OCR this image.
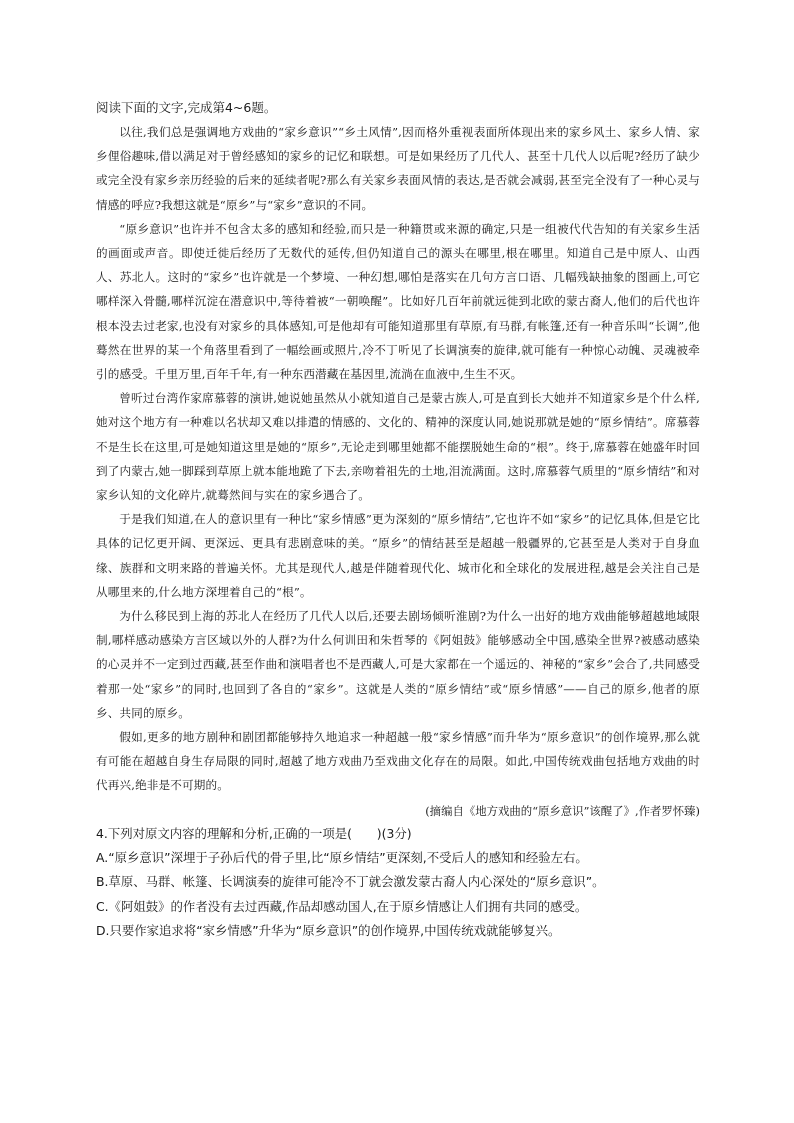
阅读下面的文字,完成第4~6题。

以往,我们总是强调地方戏曲的“家乡意识”“乡土风情”,因而格外重视表面所体现出来的家乡风土、家乡人情、家乡俚俗趣味,借以满足对于曾经感知的家乡的记忆和联想。可是如果经历了几代人、甚至十几代人以后呢?经历了缺少或完全没有家乡亲历经验的后来的延续者呢?那么有关家乡表面风情的表达,是否就会减弱,甚至完全没有了一种心灵与情感的呼应?我想这就是“原乡”与“家乡”意识的不同。

“原乡意识”也许并不包含太多的感知和经验,而只是一种籍贯或来源的确定,只是一组被代代告知的有关家乡生活的画面或声音。即使迁徙后经历了无数代的延传,但仍知道自己的源头在哪里,根在哪里。知道自己是中原人、山西人、苏北人。这时的“家乡”也许就是一个梦境、一种幻想,哪怕是落实在几句方言口语、几幅残缺抽象的图画上,可它哪样深入骨髓,哪样沉淀在潜意识中,等待着被“一朝唤醒”。比如好几百年前就远徙到北欧的蒙古裔人,他们的后代也许根本没去过老家,也没有对家乡的具体感知,可是他却有可能知道那里有草原,有马群,有帐篷,还有一种音乐叫“长调”,他蓦然在世界的某一个角落里看到了一幅绘画或照片,冷不丁听见了长调演奏的旋律,就可能有一种惊心动魄、灵魂被牵引的感受。千里万里,百年千年,有一种东西潜藏在基因里,流淌在血液中,生生不灭。

曾听过台湾作家席慕蓉的演讲,她说她虽然从小就知道自己是蒙古族人,可是直到长大她并不知道家乡是个什么样,她对这个地方有一种难以名状却又难以排遣的情感的、文化的、精神的深度认同,她说那就是她的“原乡情结”。席慕蓉不是生长在这里,可是她知道这里是她的“原乡”,无论走到哪里她都不能摆脱她生命的“根”。终于,席慕蓉在她盛年时回到了内蒙古,她一脚踩到草原上就本能地跪了下去,亲吻着祖先的土地,泪流满面。这时,席慕蓉气质里的“原乡情结”和对家乡认知的文化碎片,就蓦然间与实在的家乡遇合了。

于是我们知道,在人的意识里有一种比“家乡情感”更为深刻的“原乡情结”,它也许不如“家乡”的记忆具体,但是它比具体的记忆更开阔、更深远、更具有悲剧意味的美。“原乡”的情结甚至是超越一般疆界的,它甚至是人类对于自身血缘、族群和文明来路的普遍关怀。尤其是现代人,越是伴随着现代化、城市化和全球化的发展进程,越是会关注自己是从哪里来的,什么地方深埋着自己的“根”。

为什么移民到上海的苏北人在经历了几代人以后,还要去剧场倾听淮剧?为什么一出好的地方戏曲能够超越地域限制,哪样感动感染方言区域以外的人群?为什么何训田和朱哲琴的《阿姐鼓》能够感动全中国,感染全世界?被感动感染的心灵并不一定到过西藏,甚至作曲和演唱者也不是西藏人,可是大家都在一个遥远的、神秘的“家乡”会合了,共同感受着那一处“家乡”的同时,也回到了各自的“家乡”。这就是人类的“原乡情结”或“原乡情感”——自己的原乡,他者的原乡、共同的原乡。

假如,更多的地方剧种和剧团都能够持久地追求一种超越一般“家乡情感”而升华为“原乡意识”的创作境界,那么就有可能在超越自身生存局限的同时,超越了地方戏曲乃至戏曲文化存在的局限。如此,中国传统戏曲包括地方戏曲的时代再兴,绝非是不可期的。

(摘编自《地方戏曲的“原乡意识”该醒了》,作者罗怀臻)

4.下列对原文内容的理解和分析,正确的一项是(　　)(3分)

A.“原乡意识”深埋于子孙后代的骨子里,比“原乡情结”更深刻,不受后人的感知和经验左右。

B.草原、马群、帐篷、长调演奏的旋律可能冷不丁就会激发蒙古裔人内心深处的“原乡意识”。

C.《阿姐鼓》的作者没有去过西藏,作品却感动国人,在于原乡情感让人们拥有共同的感受。

D.只要作家追求将“家乡情感”升华为“原乡意识”的创作境界,中国传统戏就能够复兴。
